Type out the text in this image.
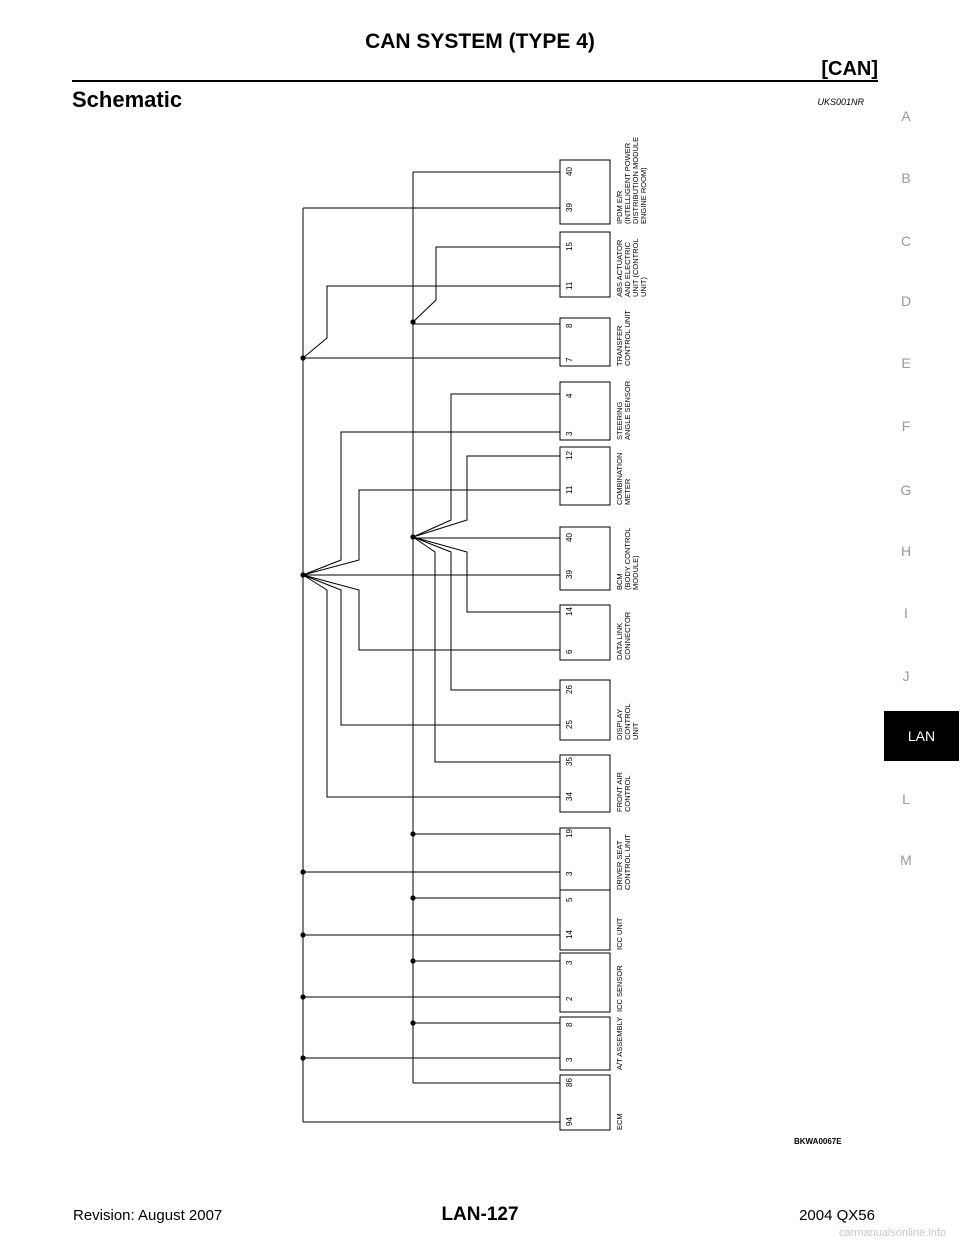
CAN SYSTEM (TYPE 4)
[CAN]
Schematic	UKS001NR
A
B
C
D
E
F
G
H
I
J
LAN
L
M
39
40
IPDM E/R (INTELLIGENT POWER DISTRIBUTION MODULE ENGINE ROOM)
11
15	ABS ACTUATOR AND ELECTRIC UNIT (CONTROL UNIT)
7
8	TRANSFER CONTROL UNIT
3
4
STEERING ANGLE SENSOR
11
12	COMBINATION METER
39
40
BCM (BODY CONTROL MODULE)
6
14
DATA LINK CONNECTOR
25
26
DISPLAY CONTROL UNIT
34
35
FRONT AIR CONTROL
3
19
DRIVER SEAT CONTROL UNIT
14
5
ICC UNIT
2
3
ICC SENSOR
3
8	A/T ASSEMBLY
94
86
ECM
BKWA0067E
Revision: August 2007	LAN-127	2004 QX56
carmanualsonline.info
